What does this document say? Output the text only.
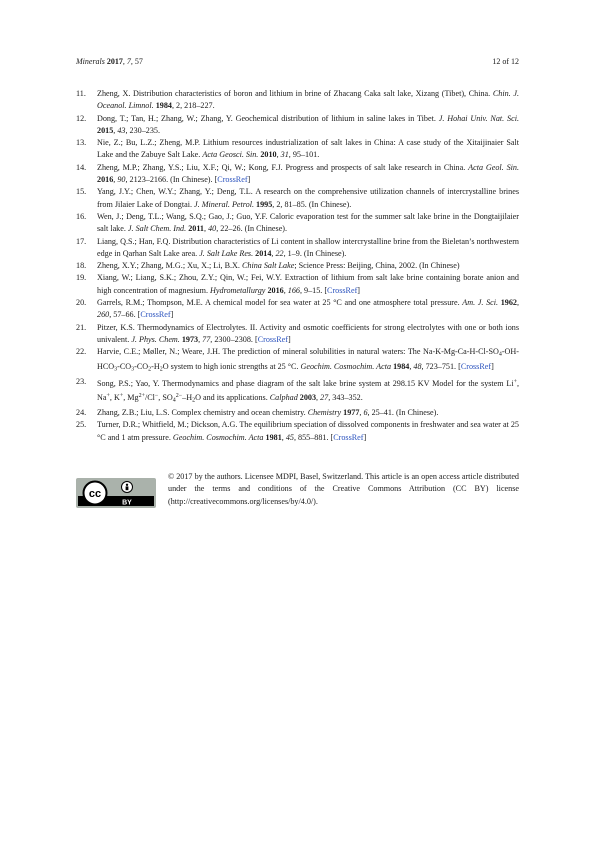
Minerals 2017, 7, 57	12 of 12
11. Zheng, X. Distribution characteristics of boron and lithium in brine of Zhacang Caka salt lake, Xizang (Tibet), China. Chin. J. Oceanol. Limnol. 1984, 2, 218–227.
12. Dong, T.; Tan, H.; Zhang, W.; Zhang, Y. Geochemical distribution of lithium in saline lakes in Tibet. J. Hohai Univ. Nat. Sci. 2015, 43, 230–235.
13. Nie, Z.; Bu, L.Z.; Zheng, M.P. Lithium resources industrialization of salt lakes in China: A case study of the Xitaijinaier Salt Lake and the Zabuye Salt Lake. Acta Geosci. Sin. 2010, 31, 95–101.
14. Zheng, M.P.; Zhang, Y.S.; Liu, X.F.; Qi, W.; Kong, F.J. Progress and prospects of salt lake research in China. Acta Geol. Sin. 2016, 90, 2123–2166. (In Chinese). [CrossRef]
15. Yang, J.Y.; Chen, W.Y.; Zhang, Y.; Deng, T.L. A research on the comprehensive utilization channels of intercrystalline brines from Jilaier Lake of Dongtai. J. Mineral. Petrol. 1995, 2, 81–85. (In Chinese).
16. Wen, J.; Deng, T.L.; Wang, S.Q.; Gao, J.; Guo, Y.F. Caloric evaporation test for the summer salt lake brine in the Dongtaijilaier salt lake. J. Salt Chem. Ind. 2011, 40, 22–26. (In Chinese).
17. Liang, Q.S.; Han, F.Q. Distribution characteristics of Li content in shallow intercrystalline brine from the Bieletan’s northwestern edge in Qarhan Salt Lake area. J. Salt Lake Res. 2014, 22, 1–9. (In Chinese).
18. Zheng, X.Y.; Zhang, M.G.; Xu, X.; Li, B.X. China Salt Lake; Science Press: Beijing, China, 2002. (In Chinese)
19. Xiang, W.; Liang, S.K.; Zhou, Z.Y.; Qin, W.; Fei, W.Y. Extraction of lithium from salt lake brine containing borate anion and high concentration of magnesium. Hydrometallurgy 2016, 166, 9–15. [CrossRef]
20. Garrels, R.M.; Thompson, M.E. A chemical model for sea water at 25 °C and one atmosphere total pressure. Am. J. Sci. 1962, 260, 57–66. [CrossRef]
21. Pitzer, K.S. Thermodynamics of Electrolytes. II. Activity and osmotic coefficients for strong electrolytes with one or both ions univalent. J. Phys. Chem. 1973, 77, 2300–2308. [CrossRef]
22. Harvie, C.E.; Møller, N.; Weare, J.H. The prediction of mineral solubilities in natural waters: The $Na-K-Mg-Ca-H-Cl-SO_4-OH-HCO_3-CO_3-CO_2-H_2O$ system to high ionic strengths at 25 °C. Geochim. Cosmochim. Acta 1984, 48, 723–751. [CrossRef]
23. Song, P.S.; Yao, Y. Thermodynamics and phase diagram of the salt lake brine system at 298.15 KV Model for the system Li+, Na+, K+, $Mg^{2+}/Cl^-$, $SO_4^{2-}-H_2O$ and its applications. Calphad 2003, 27, 343–352.
24. Zhang, Z.B.; Liu, L.S. Complex chemistry and ocean chemistry. Chemistry 1977, 6, 25–41. (In Chinese).
25. Turner, D.R.; Whitfield, M.; Dickson, A.G. The equilibrium speciation of dissolved components in freshwater and sea water at 25 °C and 1 atm pressure. Geochim. Cosmochim. Acta 1981, 45, 855–881. [CrossRef]
cc
BY
© 2017 by the authors. Licensee MDPI, Basel, Switzerland. This article is an open access article distributed under the terms and conditions of the Creative Commons Attribution (CC BY) license (http://creativecommons.org/licenses/by/4.0/).
